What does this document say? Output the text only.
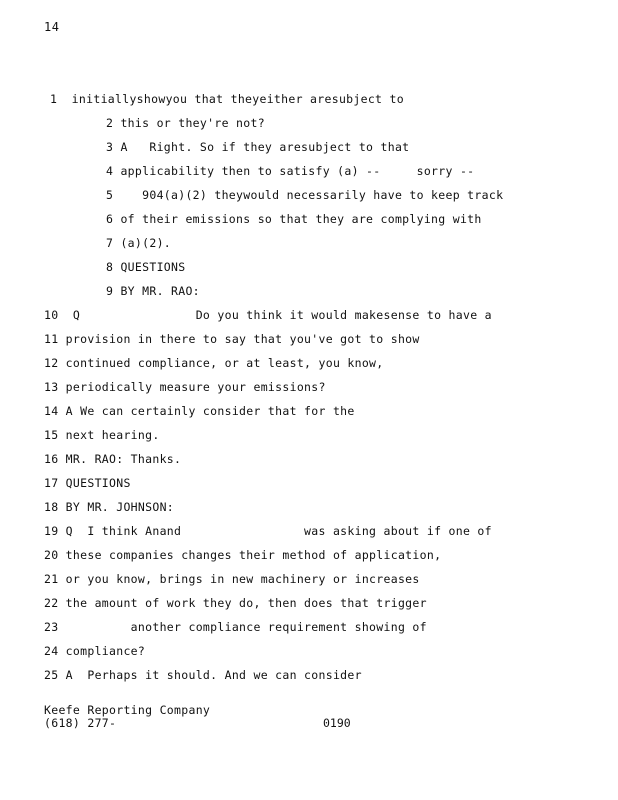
14
1  initiallyshowyou that theyeither aresubject to
2 this or they're not?
3 A   Right. So if they aresubject to that
4 applicability then to satisfy (a) --     sorry --
5    904(a)(2) theywould necessarily have to keep track
6 of their emissions so that they are complying with
7 (a)(2).
8 QUESTIONS
9 BY MR. RAO:
10  Q                Do you think it would makesense to have a
11 provision in there to say that you've got to show
12 continued compliance, or at least, you know,
13 periodically measure your emissions?
14 A We can certainly consider that for the
15 next hearing.
16 MR. RAO: Thanks.
17 QUESTIONS
18 BY MR. JOHNSON:
19 Q  I think Anand                 was asking about if one of
20 these companies changes their method of application,
21 or you know, brings in new machinery or increases
22 the amount of work they do, then does that trigger
23          another compliance requirement showing of
24 compliance?
25 A  Perhaps it should. And we can consider
Keefe Reporting Company
(618) 277-	0190
